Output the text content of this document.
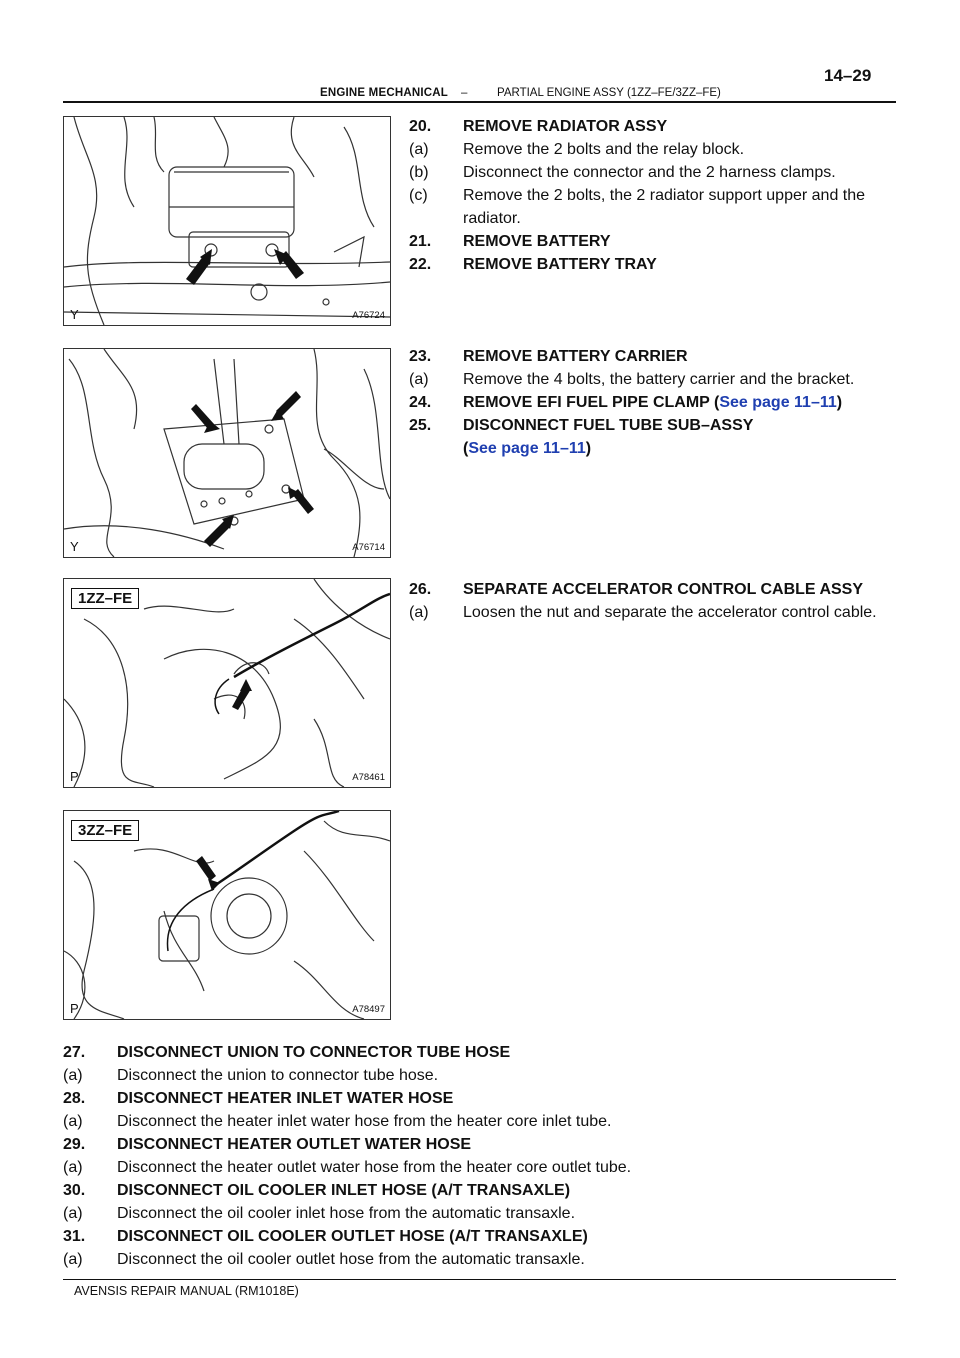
ENGINE MECHANICAL –	PARTIAL ENGINE ASSY (1ZZ–FE/3ZZ–FE)
14–29
Y	A76724
Y	A76714
1ZZ–FE
P	A78461
3ZZ–FE
P	A78497
20.	REMOVE RADIATOR ASSY
(a)	Remove the 2 bolts and the relay block.
(b)	Disconnect the connector and the 2 harness clamps.
(c)	Remove the 2 bolts, the 2 radiator support upper and the radiator.
21.	REMOVE BATTERY
22.	REMOVE BATTERY TRAY
23.	REMOVE BATTERY CARRIER
(a)	Remove the 4 bolts, the battery carrier and the bracket.
24.	REMOVE EFI FUEL PIPE CLAMP (See page 11–11)
25.	DISCONNECT FUEL TUBE SUB–ASSY
(See page 11–11)
26.	SEPARATE ACCELERATOR CONTROL CABLE ASSY
(a)	Loosen the nut and separate the accelerator control cable.
27.	DISCONNECT UNION TO CONNECTOR TUBE HOSE
(a)	Disconnect the union to connector tube hose.
28.	DISCONNECT HEATER INLET WATER HOSE
(a)	Disconnect the heater inlet water hose from the heater core inlet tube.
29.	DISCONNECT HEATER OUTLET WATER HOSE
(a)	Disconnect the heater outlet water hose from the heater core outlet tube.
30.	DISCONNECT OIL COOLER INLET HOSE (A/T TRANSAXLE)
(a)	Disconnect the oil cooler inlet hose from the automatic transaxle.
31.	DISCONNECT OIL COOLER OUTLET HOSE (A/T TRANSAXLE)
(a)	Disconnect the oil cooler outlet hose from the automatic transaxle.
AVENSIS REPAIR MANUAL (RM1018E)
